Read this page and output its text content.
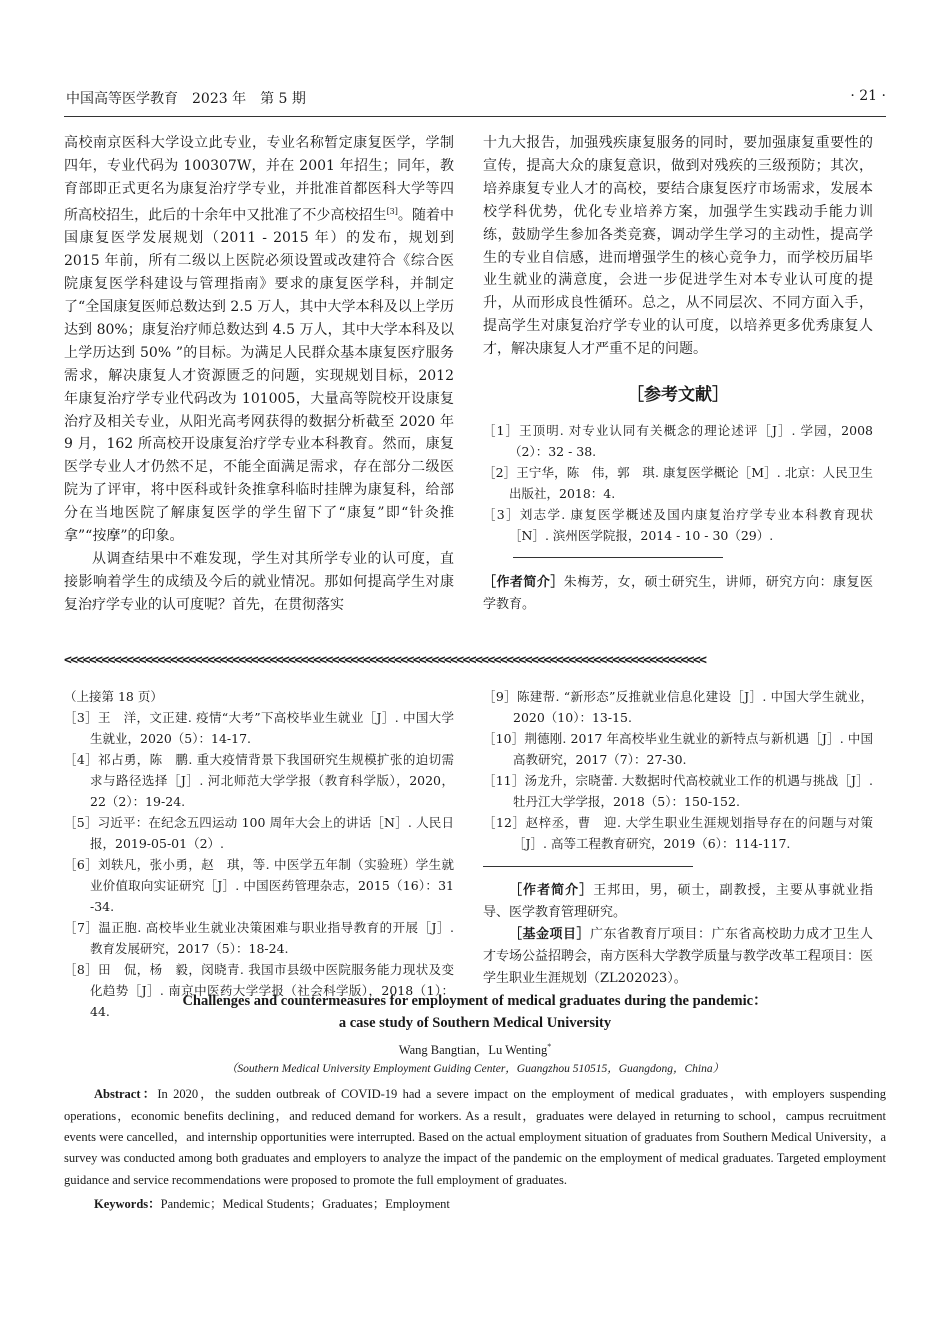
中国高等医学教育　2023 年　第 5 期	· 21 ·

高校南京医科大学设立此专业，专业名称暂定康复医学，学制四年，专业代码为 100307W，并在 2001 年招生；同年，教育部即正式更名为康复治疗学专业，并批准首都医科大学等四所高校招生，此后的十余年中又批准了不少高校招生[3]。随着中国康复医学发展规划（2011 - 2015 年）的发布，规划到 2015 年前，所有二级以上医院必须设置或改建符合《综合医院康复医学科建设与管理指南》要求的康复医学科，并制定了“全国康复医师总数达到 2.5 万人，其中大学本科及以上学历达到 80%；康复治疗师总数达到 4.5 万人，其中大学本科及以上学历达到 50% ”的目标。为满足人民群众基本康复医疗服务需求，解决康复人才资源匮乏的问题，实现规划目标，2012 年康复治疗学专业代码改为 101005，大量高等院校开设康复治疗及相关专业，从阳光高考网获得的数据分析截至 2020 年 9 月，162 所高校开设康复治疗学专业本科教育。然而，康复医学专业人才仍然不足，不能全面满足需求，存在部分二级医院为了评审，将中医科或针灸推拿科临时挂牌为康复科，给部分在当地医院了解康复医学的学生留下了“康复”即“针灸推拿”“按摩”的印象。

从调查结果中不难发现，学生对其所学专业的认可度，直接影响着学生的成绩及今后的就业情况。那如何提高学生对康复治疗学专业的认可度呢？首先，在贯彻落实

十九大报告，加强残疾康复服务的同时，要加强康复重要性的宣传，提高大众的康复意识，做到对残疾的三级预防；其次，培养康复专业人才的高校，要结合康复医疗市场需求，发展本校学科优势，优化专业培养方案，加强学生实践动手能力训练，鼓励学生参加各类竞赛，调动学生学习的主动性，提高学生的专业自信感，进而增强学生的核心竞争力，而学校历届毕业生就业的满意度，会进一步促进学生对本专业认可度的提升，从而形成良性循环。总之，从不同层次、不同方面入手，提高学生对康复治疗学专业的认可度，以培养更多优秀康复人才，解决康复人才严重不足的问题。

［参考文献］

［1］王顶明. 对专业认同有关概念的理论述评［J］. 学园，2008（2）：32 - 38.

［2］王宁华，陈　伟，郭　琪. 康复医学概论［M］. 北京：人民卫生出版社，2018：4.

［3］刘志学. 康复医学概述及国内康复治疗学专业本科教育现状［N］. 滨州医学院报，2014 - 10 - 30（29）.

［作者简介］朱梅芳，女，硕士研究生，讲师，研究方向：康复医学教育。

<<<<<<<<<<<<<<<<<<<<<<<<<<<<<<<<<<<<<<<<<<<<<<<<<<<<<<<<<<<<<<<<<<<<<<<<<<<<<<<<<<<<<<<<<<<<<<<<<<<<<<<
（上接第 18 页）

［3］王　洋，文正建. 疫情“大考”下高校毕业生就业［J］. 中国大学生就业，2020（5）：14-17.

［4］祁占勇，陈　鹏. 重大疫情背景下我国研究生规模扩张的迫切需求与路径选择［J］. 河北师范大学学报（教育科学版），2020，22（2）：19-24.

［5］习近平：在纪念五四运动 100 周年大会上的讲话［N］. 人民日报，2019-05-01（2）.

［6］刘轶凡，张小勇，赵　琪，等. 中医学五年制（实验班）学生就业价值取向实证研究［J］. 中国医药管理杂志，2015（16）：31 -34.

［7］温正胞. 高校毕业生就业决策困难与职业指导教育的开展［J］. 教育发展研究，2017（5）：18-24.

［8］田　侃，杨　毅，闵晓青. 我国市县级中医院服务能力现状及变化趋势［J］. 南京中医药大学学报（社会科学版），2018（1）：44.

［9］陈建帮. “新形态”反推就业信息化建设［J］. 中国大学生就业，2020（10）：13-15.

［10］荆德刚. 2017 年高校毕业生就业的新特点与新机遇［J］. 中国高教研究，2017（7）：27-30.

［11］汤龙升，宗晓蕾. 大数据时代高校就业工作的机遇与挑战［J］. 牡丹江大学学报，2018（5）：150-152.

［12］赵梓丞，曹　迎. 大学生职业生涯规划指导存在的问题与对策［J］. 高等工程教育研究，2019（6）：114-117.

［作者简介］王邦田，男，硕士，副教授，主要从事就业指导、医学教育管理研究。

［基金项目］广东省教育厅项目：广东省高校助力成才卫生人才专场公益招聘会，南方医科大学教学质量与教学改革工程项目：医学生职业生涯规划（ZL202023）。

Challenges and countermeasures for employment of medical graduates during the pandemic：
a case study of Southern Medical University
Wang Bangtian，Lu Wenting*
（Southern Medical University Employment Guiding Center，Guangzhou 510515，Guangdong，China）

Abstract：In 2020，the sudden outbreak of COVID-19 had a severe impact on the employment of medical graduates，with employers suspending operations，economic benefits declining，and reduced demand for workers. As a result，graduates were delayed in returning to school，campus recruitment events were cancelled，and internship opportunities were interrupted. Based on the actual employment situation of graduates from Southern Medical University，a survey was conducted among both graduates and employers to analyze the impact of the pandemic on the employment of medical graduates. Targeted employment guidance and service recommendations were proposed to promote the full employment of graduates.

Keywords：Pandemic；Medical Students；Graduates；Employment
